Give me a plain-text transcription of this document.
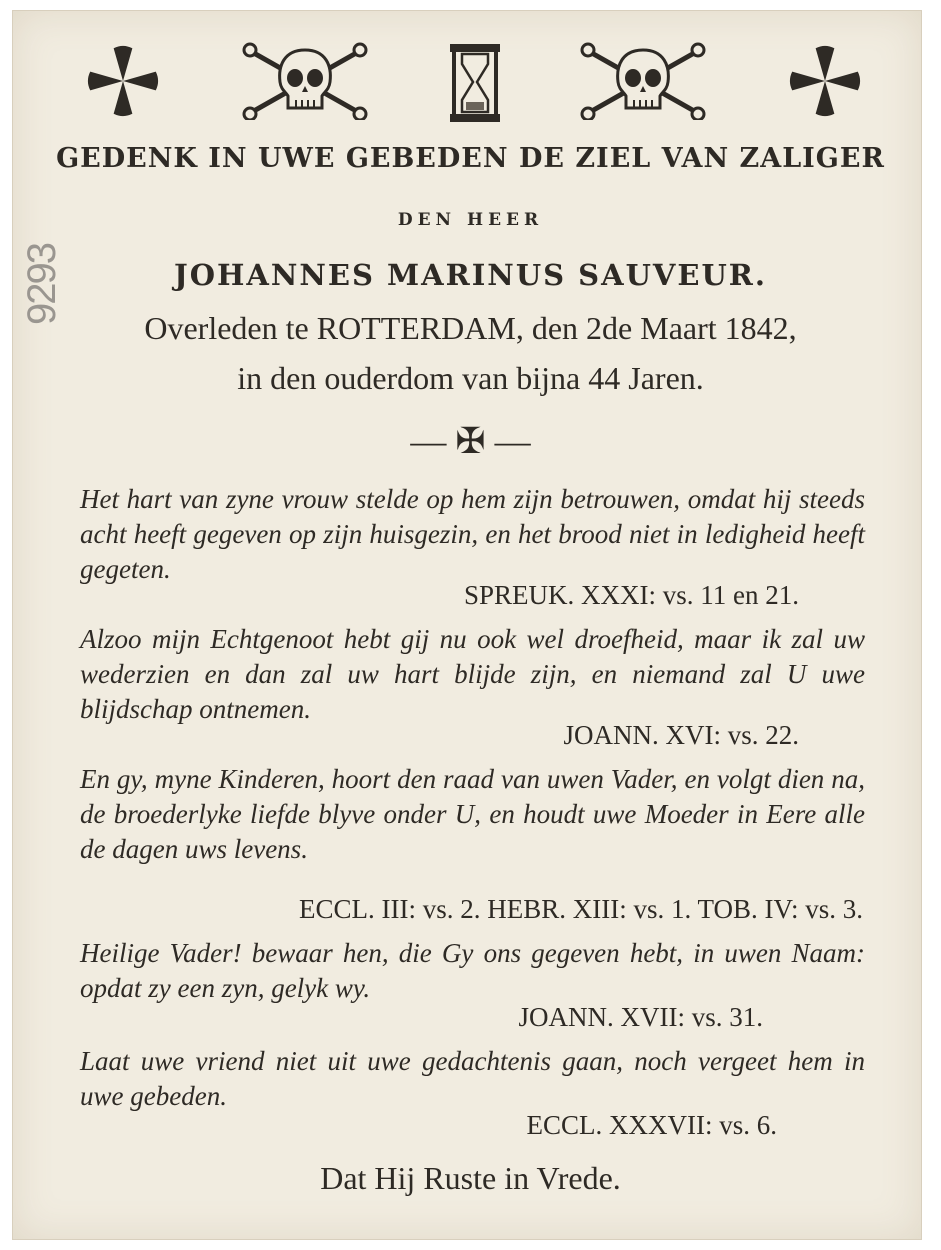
9293
GEDENK IN UWE GEBEDEN DE ZIEL VAN ZALIGER
DEN HEER
JOHANNES MARINUS SAUVEUR.
Overleden te ROTTERDAM, den 2de Maart 1842,
in den ouderdom van bijna 44 Jaren.
— ✠ —
Het hart van zyne vrouw stelde op hem zijn betrouwen, omdat hij steeds acht heeft gegeven op zijn huisgezin, en het brood niet in ledigheid heeft gegeten.
SPREUK. XXXI: vs. 11 en 21.
Alzoo mijn Echtgenoot hebt gij nu ook wel droefheid, maar ik zal uw wederzien en dan zal uw hart blijde zijn, en niemand zal U uwe blijdschap ontnemen.
JOANN. XVI: vs. 22.
En gy, myne Kinderen, hoort den raad van uwen Vader, en volgt dien na, de broederlyke liefde blyve onder U, en houdt uwe Moeder in Eere alle de dagen uws levens.
ECCL. III: vs. 2. HEBR. XIII: vs. 1. TOB. IV: vs. 3.
Heilige Vader! bewaar hen, die Gy ons gegeven hebt, in uwen Naam: opdat zy een zyn, gelyk wy.
JOANN. XVII: vs. 31.
Laat uwe vriend niet uit uwe gedachtenis gaan, noch vergeet hem in uwe gebeden.
ECCL. XXXVII: vs. 6.
Dat Hij Ruste in Vrede.
